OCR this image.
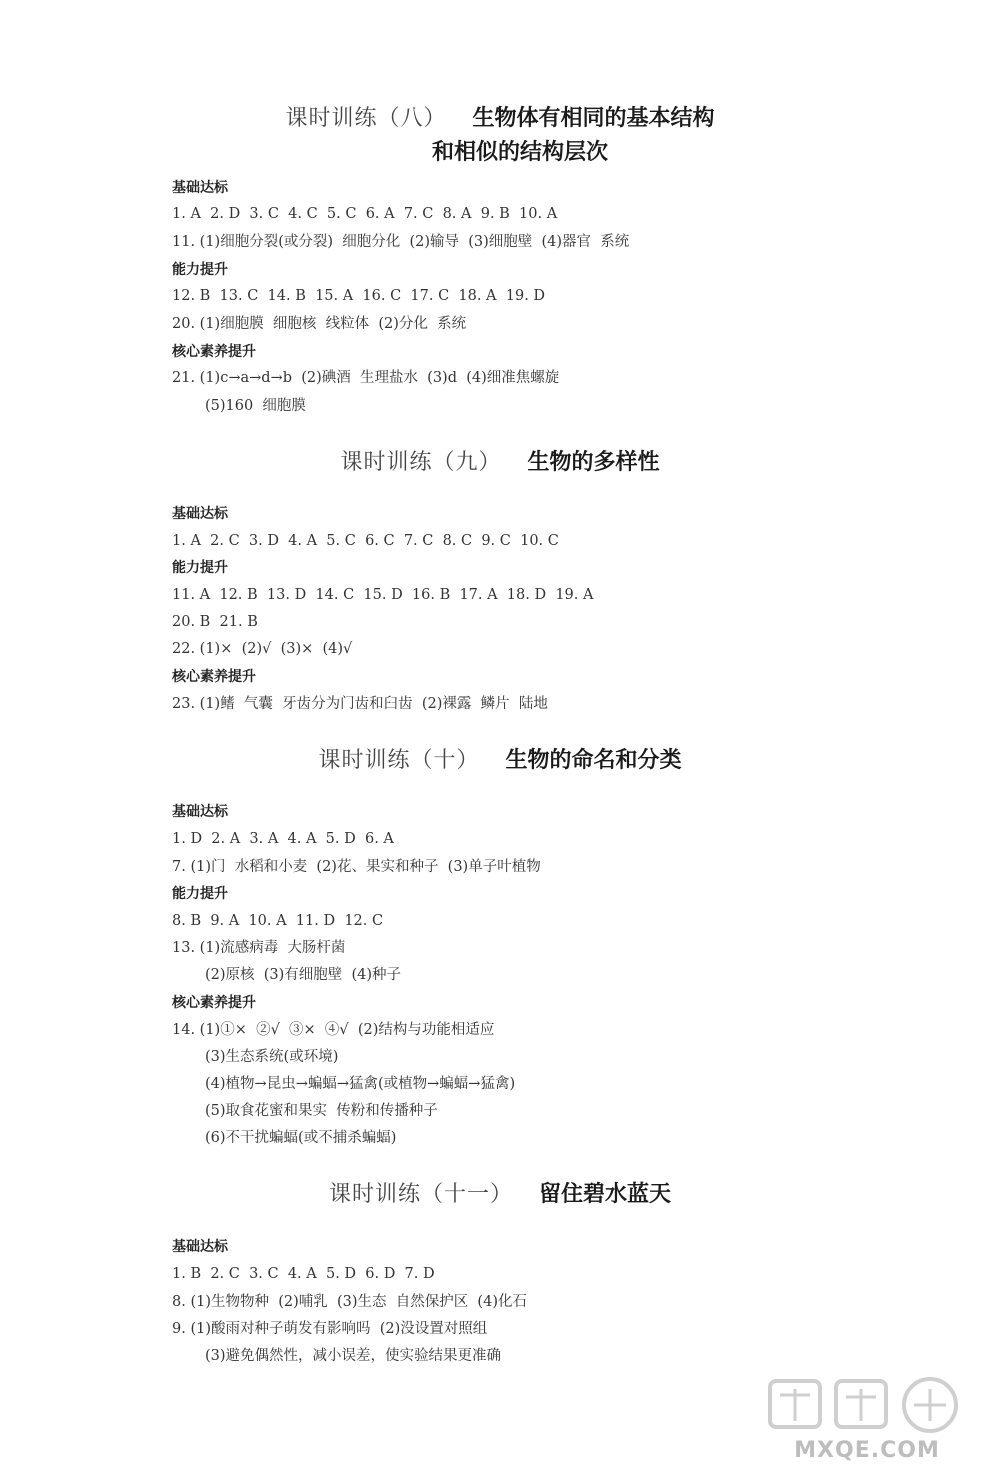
课时训练（八） 生物体有相同的基本结构
和相似的结构层次
基础达标
1. A  2. D  3. C  4. C  5. C  6. A  7. C  8. A  9. B  10. A
11. (1)细胞分裂(或分裂)  细胞分化  (2)输导  (3)细胞壁  (4)器官  系统
能力提升
12. B  13. C  14. B  15. A  16. C  17. C  18. A  19. D
20. (1)细胞膜  细胞核  线粒体  (2)分化  系统
核心素养提升
21. (1)c→a→d→b  (2)碘酒  生理盐水  (3)d  (4)细准焦螺旋
(5)160  细胞膜
课时训练（九） 生物的多样性
基础达标
1. A  2. C  3. D  4. A  5. C  6. C  7. C  8. C  9. C  10. C
能力提升
11. A  12. B  13. D  14. C  15. D  16. B  17. A  18. D  19. A
20. B  21. B
22. (1)×  (2)√  (3)×  (4)√
核心素养提升
23. (1)鳍  气囊  牙齿分为门齿和臼齿  (2)裸露  鳞片  陆地
课时训练（十） 生物的命名和分类
基础达标
1. D  2. A  3. A  4. A  5. D  6. A
7. (1)门  水稻和小麦  (2)花、果实和种子  (3)单子叶植物
能力提升
8. B  9. A  10. A  11. D  12. C
13. (1)流感病毒  大肠杆菌
(2)原核  (3)有细胞壁  (4)种子
核心素养提升
14. (1)①×  ②√  ③×  ④√  (2)结构与功能相适应
(3)生态系统(或环境)
(4)植物→昆虫→蝙蝠→猛禽(或植物→蝙蝠→猛禽)
(5)取食花蜜和果实  传粉和传播种子
(6)不干扰蝙蝠(或不捕杀蝙蝠)
课时训练（十一） 留住碧水蓝天
基础达标
1. B  2. C  3. C  4. A  5. D  6. D  7. D
8. (1)生物物种  (2)哺乳  (3)生态  自然保护区  (4)化石
9. (1)酸雨对种子萌发有影响吗  (2)没设置对照组
(3)避免偶然性，减小误差，使实验结果更准确
MXQE.COM
